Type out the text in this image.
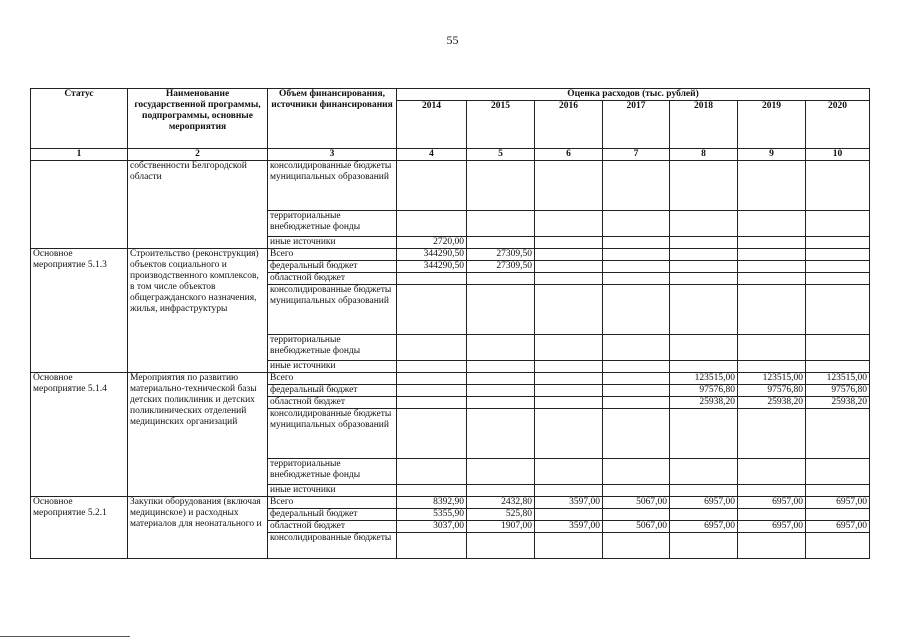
55
Статус	Наименование государственной программы, подпрограммы, основные мероприятия	Объем финансирования, источники финансирования	Оценка расходов (тыс. рублей)						
			2014	2015	2016	2017	2018	2019	2020
1	2	3	4	5	6	7	8	9	10
	собственности Белгородской области	консолидированные бюджеты муниципальных образований							
		территориальные внебюджетные фонды							
		иные источники	2720,00						
Основное мероприятие 5.1.3	Строительство (реконструкция) объектов социального и производственного комплексов, в том числе объектов общегражданского назначения, жилья, инфраструктуры	Всего	344290,50	27309,50					
		федеральный бюджет	344290,50	27309,50					
		областной бюджет							
		консолидированные бюджеты муниципальных образований							
		территориальные внебюджетные фонды							
		иные источники							
Основное мероприятие 5.1.4	Мероприятия по развитию материально-технической базы детских поликлиник и детских поликлинических отделений медицинских организаций	Всего					123515,00	123515,00	123515,00
		федеральный бюджет					97576,80	97576,80	97576,80
		областной бюджет					25938,20	25938,20	25938,20
		консолидированные бюджеты муниципальных образований							
		территориальные внебюджетные фонды							
		иные источники							
Основное мероприятие 5.2.1	Закупки оборудования (включая медицинское) и расходных материалов для неонатального и	Всего	8392,90	2432,80	3597,00	5067,00	6957,00	6957,00	6957,00
		федеральный бюджет	5355,90	525,80					
		областной бюджет	3037,00	1907,00	3597,00	5067,00	6957,00	6957,00	6957,00
		консолидированные бюджеты							
